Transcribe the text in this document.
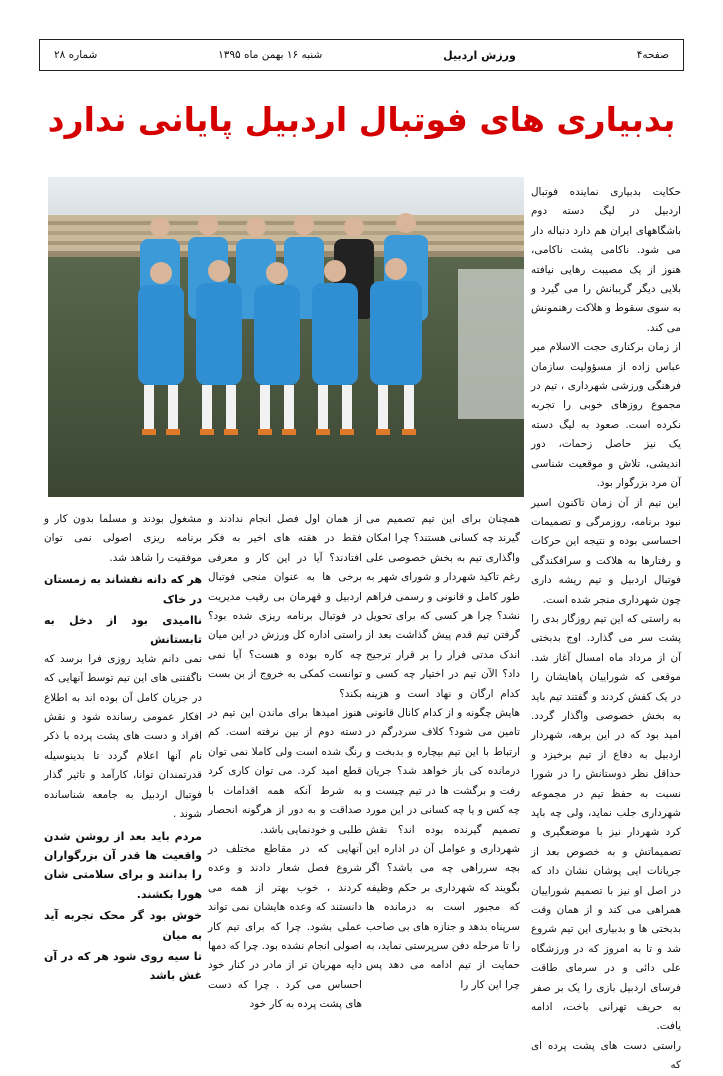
صفحه۴
ورزش اردبیل
شنبه ۱۶ بهمن ماه ۱۳۹۵
شماره ۲۸
بدبیاری های فوتبال اردبیل پایانی ندارد

حکایت بدبیاری نماینده فوتبال اردبیل در لیگ دسته دوم باشگاههای ایران هم دارد دنباله دار می شود. ناکامی پشت ناکامی، هنوز از یک مصیبت رهایی نیافته بلایی دیگر گریبانش را می گیرد و به سوی سقوط و هلاکت رهنمونش می کند.

از زمان برکناری حجت الاسلام میر عباس زاده از مسؤولیت سازمان فرهنگی ورزشی شهرداری ، تیم در مجموع روزهای خوبی را تجربه نکرده است. صعود به لیگ دسته یک نیز حاصل زحمات، دور اندیشی، تلاش و موقعیت شناسی آن مرد بزرگوار بود.

این تیم از آن زمان تاکنون اسیر نبود برنامه، روزمرگی و تصمیمات احساسی بوده و نتیجه این حرکات و رفتارها به هلاکت و سرافکندگی فوتبال اردبیل و تیم ریشه داری چون شهرداری منجر شده است.

به راستی که این تیم روزگار بدی را پشت سر می گذارد. اوج بدبختی آن از مرداد ماه امسال آغاز شد. موقعی که شوراییان پاهایشان را در یک کفش کردند و گفتند تیم باید به بخش خصوصی واگذار گردد. امید بود که در این برهه، شهردار اردبیل به دفاع از تیم برخیزد و حداقل نظر دوستانش را در شورا نسبت به حفظ تیم در مجموعه شهرداری جلب نماید، ولی چه باید کرد شهردار نیز با موضعگیری و تصمیماتش و به خصوص بعد از جریانات ایی پوشان نشان داد که در اصل او نیز با تصمیم شوراییان همراهی می کند و از همان وقت بدبختی ها و بدبیاری این تیم شروع شد و تا به امروز که در ورزشگاه علی دائی و در سرمای طاقت فرسای اردبیل بازی را یک بر صفر به حریف تهرانی باخت، ادامه یافت.

راستی دست های پشت پرده ای که

همچنان برای این تیم تصمیم می گیرند چه کسانی هستند؟ چرا امکان واگذاری تیم به بخش خصوصی علی رغم تاکید شهردار و شورای شهر به طور کامل و قانونی و رسمی فراهم نشد؟ چرا هر کسی که برای تحویل گرفتن تیم قدم پیش گذاشت بعد از اندک مدتی فرار را بر قرار ترجیح داد؟ الآن تیم در اختیار چه کسی و کدام ارگان و نهاد است و هزینه هایش چگونه و از کدام کانال قانونی تامین می شود؟ کلاف سردرگم در ارتباط با این تیم بیچاره و بدبخت و درمانده کی باز خواهد شد؟ جریان رفت و برگشت ها در تیم چیست و چه کس و یا چه کسانی در این مورد تصمیم گیرنده بوده اند؟ نقش شهرداری و عوامل آن در اداره این بچه سرراهی چه می باشد؟ اگر بگویند که شهرداری بر حکم وظیفه که مجبور است به درمانده ها سرپناه بدهد و جنازه های بی صاحب را تا مرحله دفن سرپرستی نماید، به حمایت از تیم ادامه می دهد پس چرا این کار را

از همان اول فصل انجام ندادند و فقط در هفته های اخیر به فکر افتادند؟ آیا در این کار و معرفی برخی ها به عنوان منجی فوتبال اردبیل و قهرمان بی رقیب مدیریت در فوتبال برنامه ریزی شده بود؟ راستی اداره کل ورزش در این میان چه کاره بوده و هست؟ آیا نمی توانست کمکی به خروج از بن بست بکند؟

هنوز امیدها برای ماندن این تیم در دسته دوم از بین نرفته است. کم رنگ شده است ولی کاملا نمی توان قطع امید کرد. می توان کاری کرد به شرط آنکه همه اقدامات با صداقت و به دور از هرگونه انحصار طلبی و خودنمایی باشد.

آنهایی که در مقاطع مختلف در شروع فصل شعار دادند و وعده کردند ، خوب بهتر از همه می دانستند که وعده هایشان نمی تواند عملی بشود. چرا که برای تیم کار اصولی انجام نشده بود. چرا که دمها دایه مهربان تر از مادر در کنار خود احساس می کرد . چرا که دست های پشت پرده به کار خود

مشغول بودند و مسلما بدون کار و برنامه ریزی اصولی نمی توان موفقیت را شاهد شد.

هر که دانه نفشاند به زمستان در خاک

ناامیدی بود از دخل به تابستانش

نمی دانم شاید روزی فرا برسد که ناگفتنی های این تیم توسط آنهایی که در جریان کامل آن بوده اند به اطلاع افکار عمومی رسانده شود و نقش افراد و دست های پشت پرده با ذکر نام آنها اعلام گردد تا بدینوسیله قدرتمندان توانا، کارآمد و تاثیر گذار فوتبال اردبیل به جامعه شناسانده شوند .

مردم باید بعد از روشن شدن واقعیت ها قدر آن بزرگواران را بدانند و برای سلامتی شان هورا بکشند.

خوش بود گر محک تجربه آید به میان

تا سیه روی شود هر که در آن غش باشد
